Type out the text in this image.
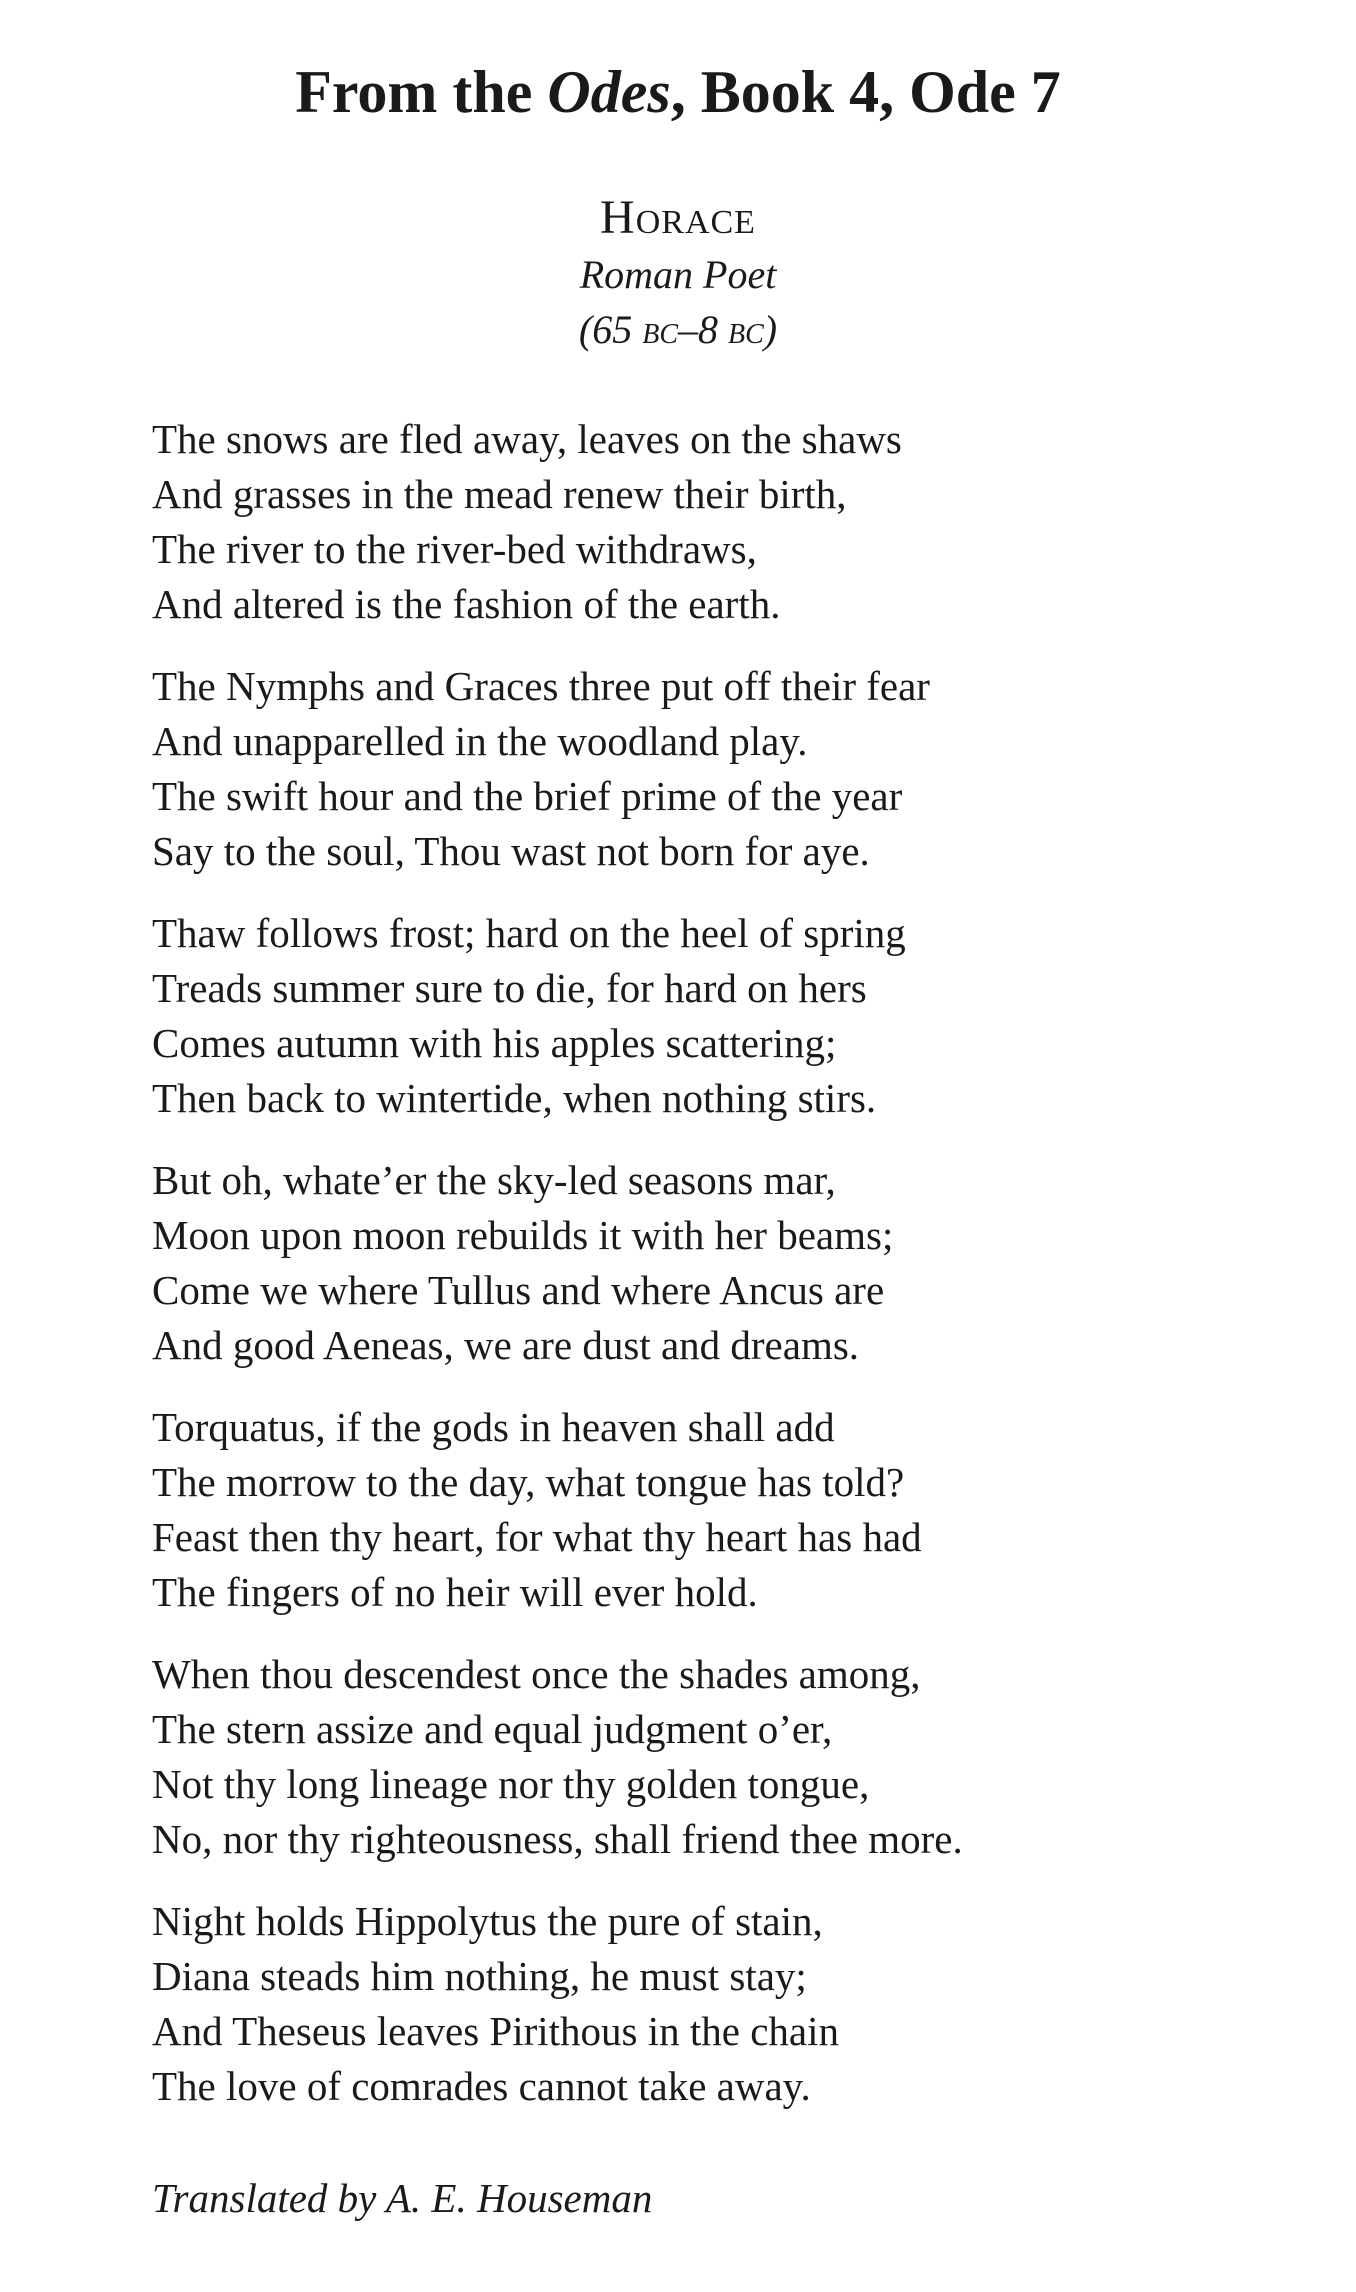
From the Odes, Book 4, Ode 7
Horace
Roman Poet
(65 bc–8 bc)
The snows are fled away, leaves on the shaws
And grasses in the mead renew their birth,
The river to the river-bed withdraws,
And altered is the fashion of the earth.
The Nymphs and Graces three put off their fear
And unapparelled in the woodland play.
The swift hour and the brief prime of the year
Say to the soul, Thou wast not born for aye.
Thaw follows frost; hard on the heel of spring
Treads summer sure to die, for hard on hers
Comes autumn with his apples scattering;
Then back to wintertide, when nothing stirs.
But oh, whate’er the sky-led seasons mar,
Moon upon moon rebuilds it with her beams;
Come we where Tullus and where Ancus are
And good Aeneas, we are dust and dreams.
Torquatus, if the gods in heaven shall add
The morrow to the day, what tongue has told?
Feast then thy heart, for what thy heart has had
The fingers of no heir will ever hold.
When thou descendest once the shades among,
The stern assize and equal judgment o’er,
Not thy long lineage nor thy golden tongue,
No, nor thy righteousness, shall friend thee more.
Night holds Hippolytus the pure of stain,
Diana steads him nothing, he must stay;
And Theseus leaves Pirithous in the chain
The love of comrades cannot take away.
Translated by A. E. Houseman
